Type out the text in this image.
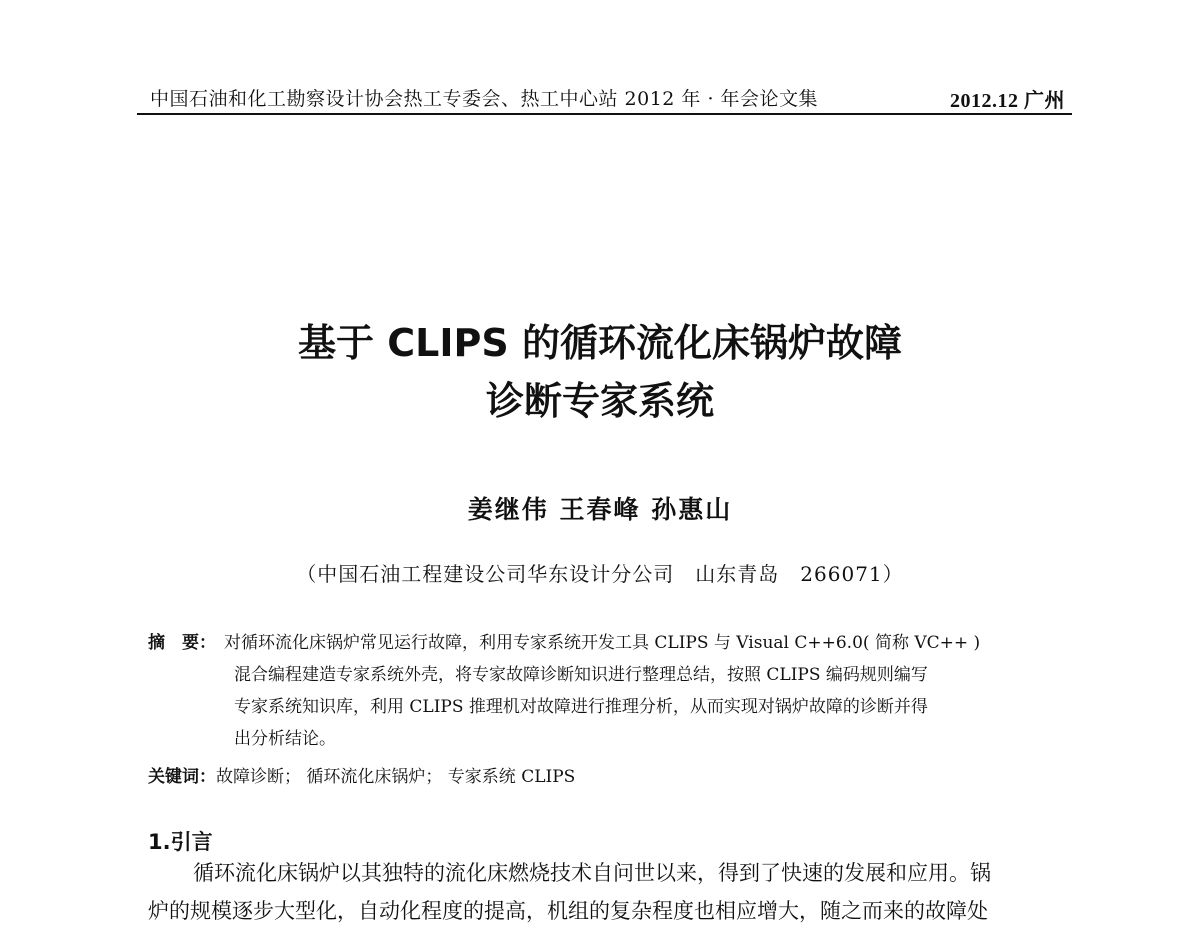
中国石油和化工勘察设计协会热工专委会、热工中心站 2012 年 · 年会论文集	2012.12 广州
基于 CLIPS 的循环流化床锅炉故障
诊断专家系统
姜继伟 王春峰 孙惠山
（中国石油工程建设公司华东设计分公司　山东青岛　266071）
摘　要： 对循环流化床锅炉常见运行故障，利用专家系统开发工具 CLIPS 与 Visual C++6.0( 简称 VC++ )
混合编程建造专家系统外壳，将专家故障诊断知识进行整理总结，按照 CLIPS 编码规则编写
专家系统知识库，利用 CLIPS 推理机对故障进行推理分析，从而实现对锅炉故障的诊断并得
出分析结论。
关键词：故障诊断； 循环流化床锅炉； 专家系统 CLIPS
1.引言
循环流化床锅炉以其独特的流化床燃烧技术自问世以来，得到了快速的发展和应用。锅
炉的规模逐步大型化，自动化程度的提高，机组的复杂程度也相应增大，随之而来的故障处
